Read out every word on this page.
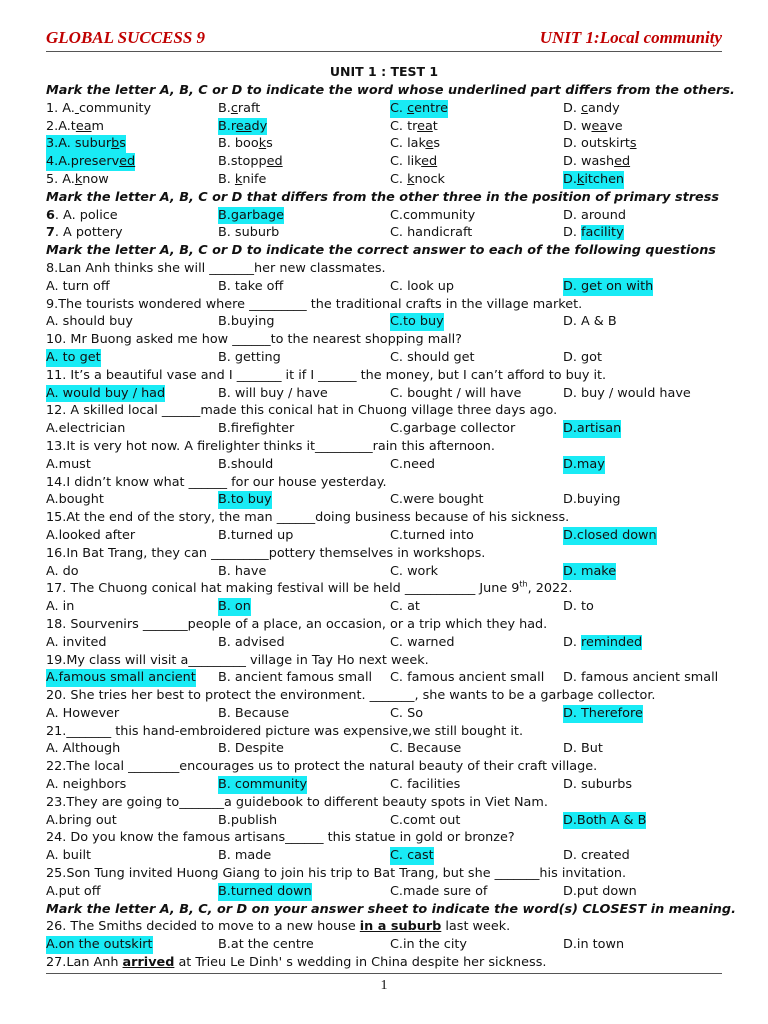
GLOBAL SUCCESS 9	UNIT 1:Local community
UNIT 1 : TEST 1
Mark the letter A, B, C or D to indicate the word whose underlined part differs from the others.
1. A. community	B.craft	C. centre	D. candy
2.A.team	B.ready	C. treat	D. weave
3.A. suburbs	B. books	C. lakes	D. outskirts
4.A.preserved	B.stopped	C. liked	D. washed
5. A.know	B. knife	C. knock	D.kitchen
Mark the letter A, B, C or D that differs from the other three in the position of primary stress
6. A. police	B.garbage	C.community	D. around
7. A pottery	B. suburb	C. handicraft	D. facility
Mark the letter A, B, C or D to indicate the correct answer to each of the following questions
8.Lan Anh thinks she will _______her new classmates.
A. turn off	B. take off	C. look up	D. get on with
9.The tourists wondered where _________ the traditional crafts in the village market.
A. should buy	B.buying	C.to buy	D. A & B
10. Mr Buong asked me how ______to the nearest shopping mall?
A. to get	B. getting	C. should get	D. got
11. It’s a beautiful vase and I _______ it if I ______ the money, but I can’t afford to buy it.
A. would buy / had	B. will buy / have	C. bought / will have	D. buy / would have
12. A skilled local ______made this conical hat in Chuong village three days ago.
A.electrician	B.firefighter	C.garbage collector	D.artisan
13.It is very hot now. A firelighter thinks it_________rain this afternoon.
A.must	B.should	C.need	D.may
14.I didn’t know what ______ for our house yesterday.
A.bought	B.to buy	C.were bought	D.buying
15.At the end of the story, the man ______doing business because of his sickness.
A.looked after	B.turned up	C.turned into	D.closed down
16.In Bat Trang, they can _________pottery themselves in workshops.
A. do	B. have	C. work	D. make
17. The Chuong conical hat making festival will be held ___________ June 9th, 2022.
A. in	B. on	C. at	D. to
18. Sourvenirs _______people of a place, an occasion, or a trip which they had.
A. invited	B. advised	C. warned	D. reminded
19.My class will visit a_________ village in Tay Ho next week.
A.famous small ancient B. ancient famous small C. famous ancient small D. famous ancient small
20. She tries her best to protect the environment. _______, she wants to be a garbage collector.
A. However	B. Because	C. So	D. Therefore
21._______ this hand-embroidered picture was expensive,we still bought it.
A. Although	B. Despite	C. Because	D. But
22.The local ________encourages us to protect the natural beauty of their craft village.
A. neighbors	B. community	C. facilities	D. suburbs
23.They are going to_______a guidebook to different beauty spots in Viet Nam.
A.bring out	B.publish	C.comt out	D.Both A & B
24. Do you know the famous artisans______ this statue in gold or bronze?
A. built	B. made	C. cast	D. created
25.Son Tung invited Huong Giang to join his trip to Bat Trang, but she _______his invitation.
A.put off	B.turned down	C.made sure of	D.put down
Mark the letter A, B, C, or D on your answer sheet to indicate the word(s) CLOSEST in meaning.
26. The Smiths decided to move to a new house in a suburb last week.
A.on the outskirt	B.at the centre	C.in the city	D.in town
27.Lan Anh arrived at Trieu Le Dinh' s wedding in China despite her sickness.
1
